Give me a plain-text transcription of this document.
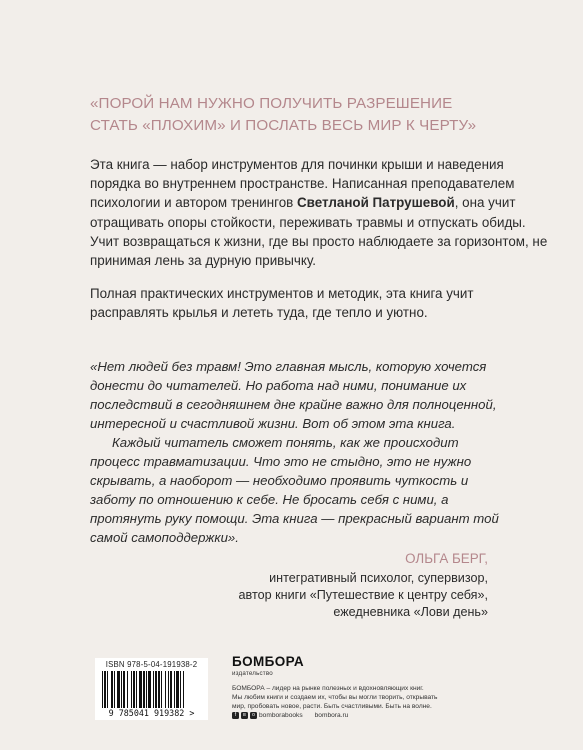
«ПОРОЙ НАМ НУЖНО ПОЛУЧИТЬ РАЗРЕШЕНИЕ
СТАТЬ «ПЛОХИМ» И ПОСЛАТЬ ВЕСЬ МИР К ЧЕРТУ»

Эта книга — набор инструментов для починки крыши и наведения порядка во внутреннем пространстве. Написанная преподавателем психологии и автором тренингов Светланой Патрушевой, она учит отращивать опоры стойкости, переживать травмы и отпускать обиды. Учит возвращаться к жизни, где вы просто наблюдаете за горизонтом, не принимая лень за дурную привычку.

Полная практических инструментов и методик, эта книга учит расправлять крылья и лететь туда, где тепло и уютно.

«Нет людей без травм! Это главная мысль, которую хочется донести до читателей. Но работа над ними, понимание их последствий в сегодняшнем дне крайне важно для полноценной, интересной и счастливой жизни. Вот об этом эта книга.
Каждый читатель сможет понять, как же происходит процесс травматизации. Что это не стыдно, это не нужно скрывать, а наоборот — необходимо проявить чуткость и заботу по отношению к себе. Не бросать себя с ними, а протянуть руку помощи. Эта книга — прекрасный вариант той самой самоподдержки».

ОЛЬГА БЕРГ,
интегративный психолог, супервизор,
автор книги «Путешествие к центру себя»,
ежедневника «Лови день»
ISBN 978-5-04-191938-2
9 785041 919382 >
БОМБОРА
издательство
БОМБОРА – лидер на рынке полезных и вдохновляющих книг.
Мы любим книги и создаем их, чтобы вы могли творить, открывать
мир, пробовать новое, расти. Быть счастливыми. Быть на волне.
f	в	о bomborabooks bombora.ru
